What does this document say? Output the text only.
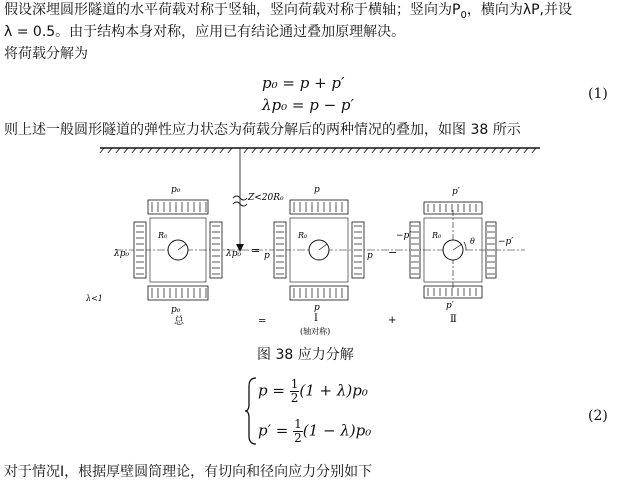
假设深埋圆形隧道的水平荷载对称于竖轴，竖向荷载对称于横轴；竖向为$P_0$，横向为λP,并设
λ = 0.5。由于结构本身对称，应用已有结论通过叠加原理解决。
将荷载分解为
p₀ = p + p′
λp₀ = p − p′
(1)
则上述一般圆形隧道的弹性应力状态为荷载分解后的两种情况的叠加，如图 38 所示
Z<20R₀
p₀
p₀
λp₀	λp₀
R₀
总
λ<1
=
=
p
p
p	p
R₀
Ⅰ
(轴对称)
−
+
p′
p′
−p′
−p′
R₀
θ
Ⅱ
图 38 应力分解
$p = \frac{1}{2} (1 + \lambda)p_0$
$p' = \frac{1}{2} (1 - \lambda)p_0$
(2)
对于情况Ⅰ，根据厚壁圆筒理论，有切向和径向应力分别如下
